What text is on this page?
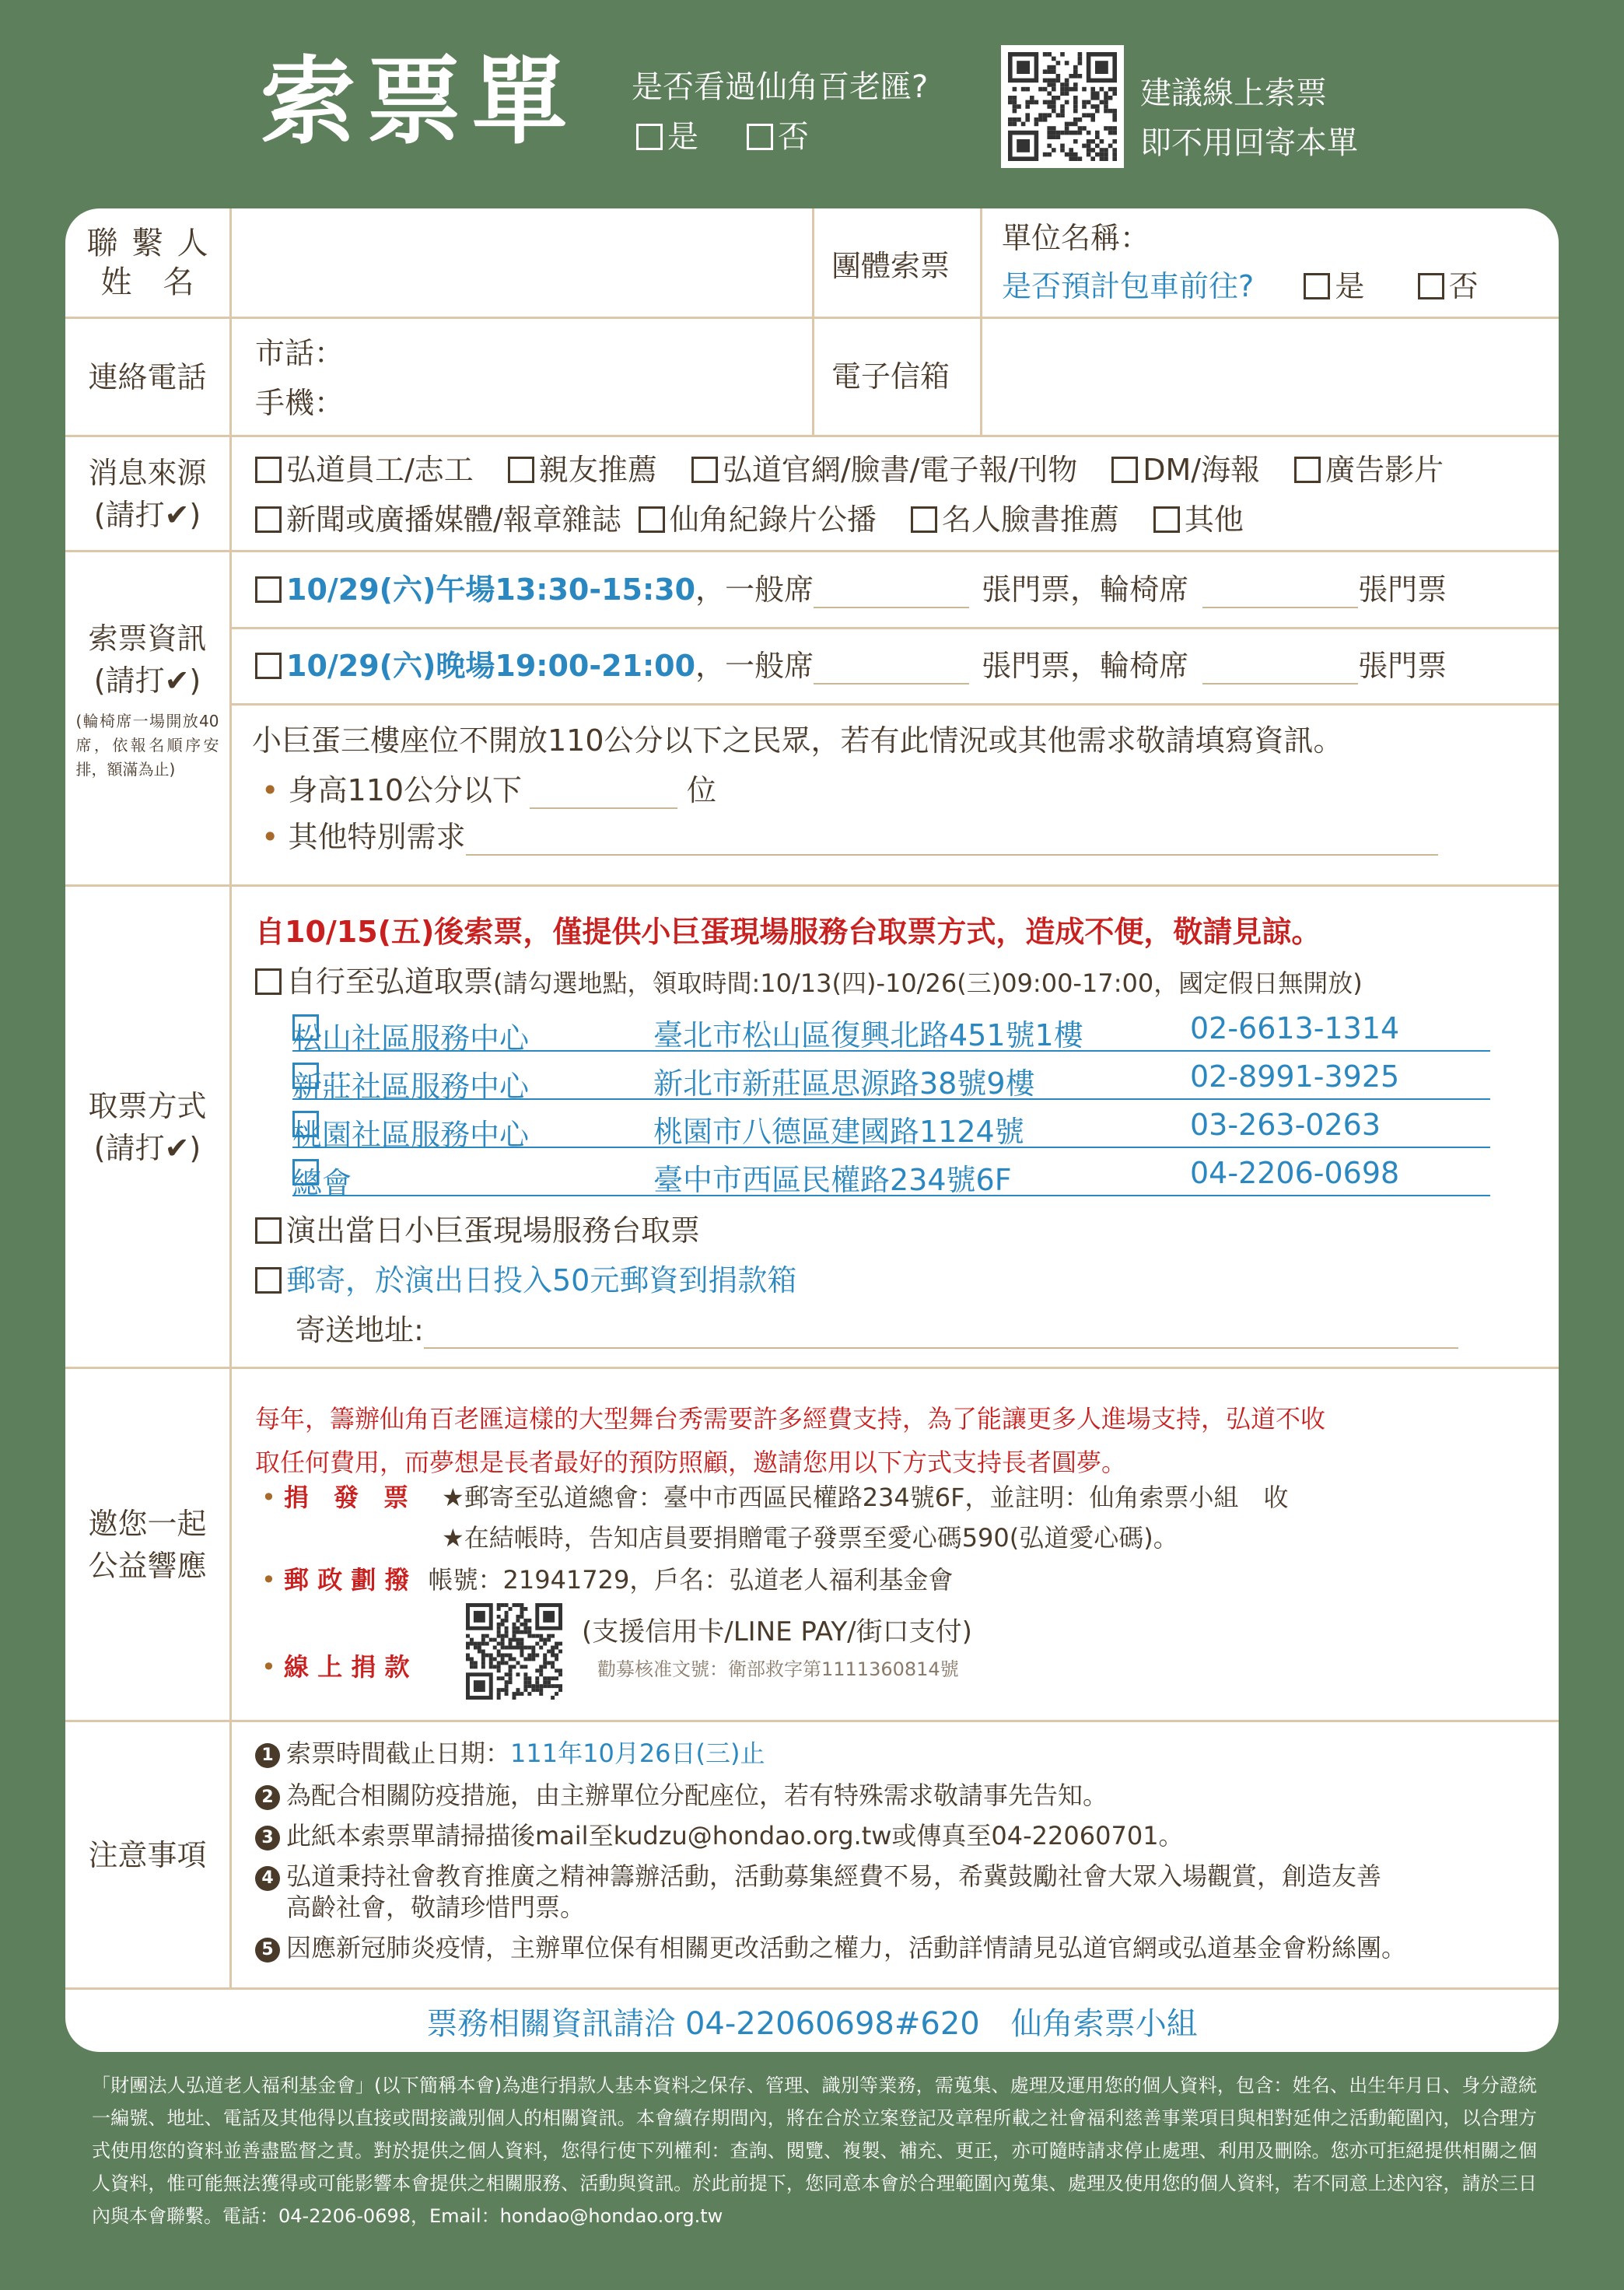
索票單 是否看過仙角百老匯?
是	否
建議線上索票
即不用回寄本單
聯繫人
姓　名	團體索票
單位名稱：
是否預計包車前往?	是	否
連絡電話
市話：
手機：
電子信箱
消息來源
(請打✔)
弘道員工/志工 親友推薦 弘道官網/臉書/電子報/刊物 DM/海報 廣告影片
新聞或廣播媒體/報章雜誌 仙角紀錄片公播 名人臉書推薦 其他
索票資訊
(請打✔)
(輪椅席一場開放40席，依報名順序安排，額滿為止)
10/29(六)午場13:30-15:30，一般席	張門票，輪椅席	張門票
10/29(六)晚場19:00-21:00，一般席	張門票，輪椅席	張門票
小巨蛋三樓座位不開放110公分以下之民眾，若有此情況或其他需求敬請填寫資訊。
• 身高110公分以下	位
• 其他特別需求
取票方式
(請打✔)
自10/15(五)後索票，僅提供小巨蛋現場服務台取票方式，造成不便，敬請見諒。
自行至弘道取票(請勾選地點，領取時間:10/13(四)-10/26(三)09:00-17:00，國定假日無開放)
松山社區服務中心	臺北市松山區復興北路451號1樓	02-6613-1314
新莊社區服務中心	新北市新莊區思源路38號9樓	02-8991-3925
桃園社區服務中心	桃園市八德區建國路1124號	03-263-0263
總會	臺中市西區民權路234號6F	04-2206-0698
演出當日小巨蛋現場服務台取票
郵寄，於演出日投入50元郵資到捐款箱
寄送地址:
邀您一起
公益響應
每年，籌辦仙角百老匯這樣的大型舞台秀需要許多經費支持，為了能讓更多人進場支持，弘道不收
取任何費用，而夢想是長者最好的預防照顧，邀請您用以下方式支持長者圓夢。
• 捐　發　票 ★郵寄至弘道總會：臺中市西區民權路234號6F，並註明：仙角索票小組　收
★在結帳時，告知店員要捐贈電子發票至愛心碼590(弘道愛心碼)。
• 郵 政 劃 撥 帳號：21941729，戶名：弘道老人福利基金會
• 線 上 捐 款
(支援信用卡/LINE PAY/街口支付)
勸募核准文號：衛部救字第1111360814號
注意事項
1 索票時間截止日期：111年10月26日(三)止
2 為配合相關防疫措施，由主辦單位分配座位，若有特殊需求敬請事先告知。
3 此紙本索票單請掃描後mail至kudzu@hondao.org.tw或傳真至04-22060701。
4 弘道秉持社會教育推廣之精神籌辦活動，活動募集經費不易，希冀鼓勵社會大眾入場觀賞，創造友善
高齡社會，敬請珍惜門票。
5 因應新冠肺炎疫情，主辦單位保有相關更改活動之權力，活動詳情請見弘道官網或弘道基金會粉絲團。
票務相關資訊請洽 04-22060698#620　仙角索票小組
「財團法人弘道老人福利基金會」(以下簡稱本會)為進行捐款人基本資料之保存、管理、識別等業務，需蒐集、處理及運用您的個人資料，包含：姓名、出生年月日、身分證統一編號、地址、電話及其他得以直接或間接識別個人的相關資訊。本會續存期間內，將在合於立案登記及章程所載之社會福利慈善事業項目與相對延伸之活動範圍內，以合理方式使用您的資料並善盡監督之責。對於提供之個人資料，您得行使下列權利：查詢、閱覽、複製、補充、更正，亦可隨時請求停止處理、利用及刪除。您亦可拒絕提供相關之個人資料，惟可能無法獲得或可能影響本會提供之相關服務、活動與資訊。於此前提下，您同意本會於合理範圍內蒐集、處理及使用您的個人資料，若不同意上述內容，請於三日內與本會聯繫。電話：04-2206-0698，Email：hondao@hondao.org.tw
